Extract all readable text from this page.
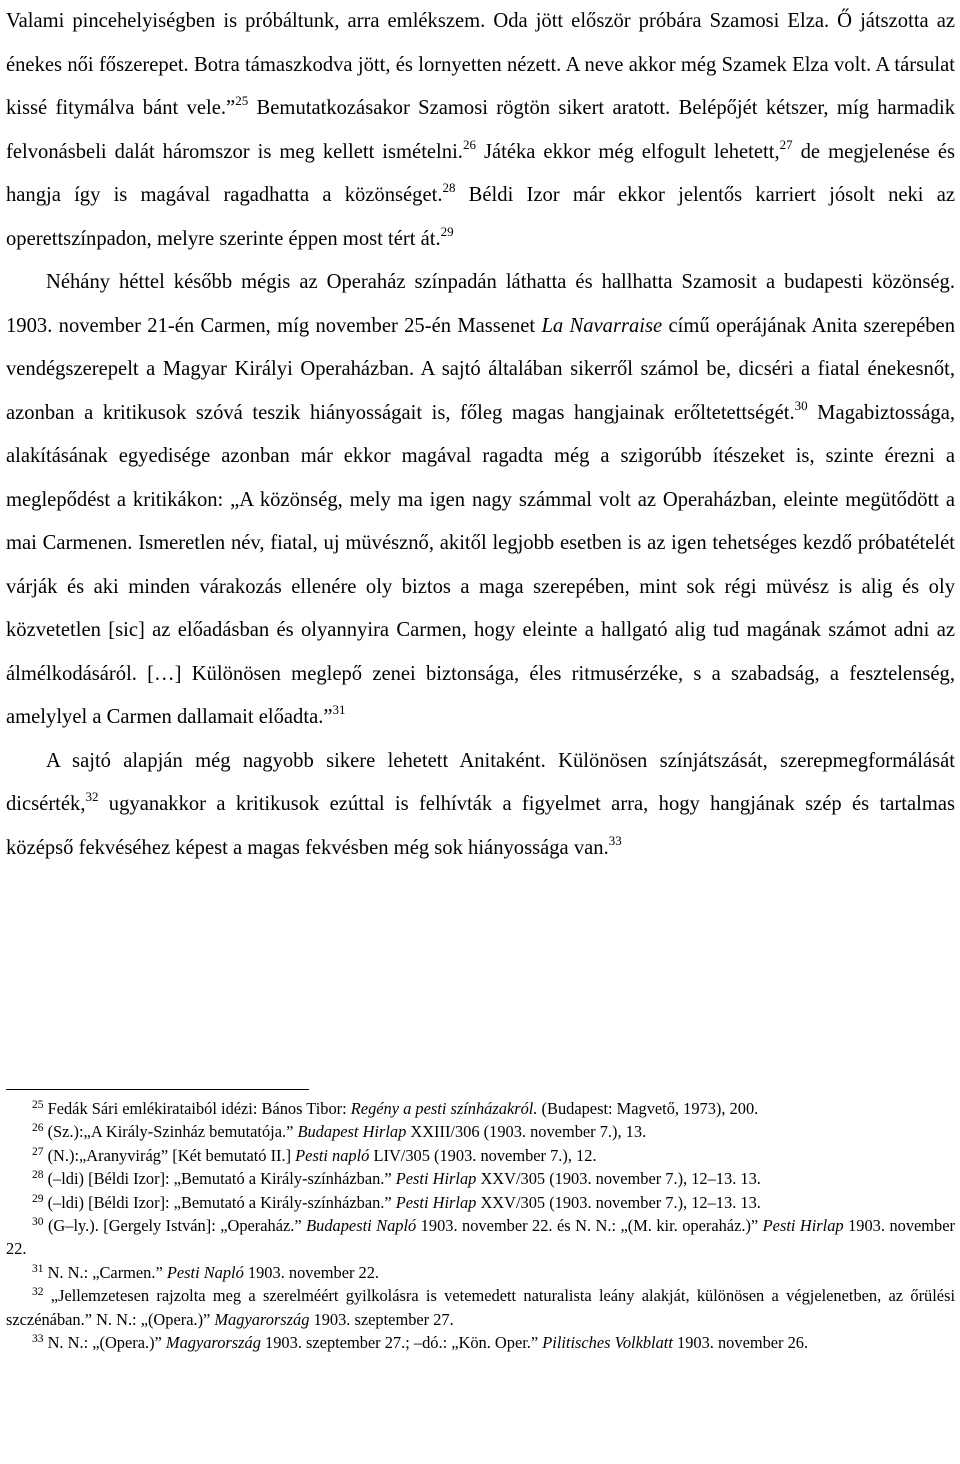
Valami pincehelyiségben is próbáltunk, arra emlékszem. Oda jött először próbára Szamosi Elza. Ő játszotta az énekes női főszerepet. Botra támaszkodva jött, és lornyetten nézett. A neve akkor még Szamek Elza volt. A társulat kissé fitymálva bánt vele.”$^{25}$ Bemutatkozásakor Szamosi rögtön sikert aratott. Belépőjét kétszer, míg harmadik felvonásbeli dalát háromszor is meg kellett ismételni.$^{26}$ Játéka ekkor még elfogult lehetett,$^{27}$ de megjelenése és hangja így is magával ragadhatta a közönséget.$^{28}$ Béldi Izor már ekkor jelentős karriert jósolt neki az operettszínpadon, melyre szerinte éppen most tért át.$^{29}$

Néhány héttel később mégis az Operaház színpadán láthatta és hallhatta Szamosit a budapesti közönség. 1903. november 21-én Carmen, míg november 25-én Massenet La Navarraise című operájának Anita szerepében vendégszerepelt a Magyar Királyi Operaházban. A sajtó általában sikerről számol be, dicséri a fiatal énekesnőt, azonban a kritikusok szóvá teszik hiányosságait is, főleg magas hangjainak erőltetettségét.$^{30}$ Magabiztossága, alakításának egyedisége azonban már ekkor magával ragadta még a szigorúbb ítészeket is, szinte érezni a meglepődést a kritikákon: „A közönség, mely ma igen nagy számmal volt az Operaházban, eleinte megütődött a mai Carmenen. Ismeretlen név, fiatal, uj müvésznő, akitől legjobb esetben is az igen tehetséges kezdő próbatételét várják és aki minden várakozás ellenére oly biztos a maga szerepében, mint sok régi müvész is alig és oly közvetetlen [sic] az előadásban és olyannyira Carmen, hogy eleinte a hallgató alig tud magának számot adni az álmélkodásáról. […] Különösen meglepő zenei biztonsága, éles ritmusérzéke, s a szabadság, a fesztelenség, amelylyel a Carmen dallamait előadta.”$^{31}$

A sajtó alapján még nagyobb sikere lehetett Anitaként. Különösen színjátszását, szerepmegformálását dicsérték,$^{32}$ ugyanakkor a kritikusok ezúttal is felhívták a figyelmet arra, hogy hangjának szép és tartalmas középső fekvéséhez képest a magas fekvésben még sok hiányossága van.$^{33}$

$^{25}$ Fedák Sári emlékirataiból idézi: Bános Tibor: Regény a pesti színházakról. (Budapest: Magvető, 1973), 200.

$^{26}$ (Sz.):„A Király-Szinház bemutatója.” Budapest Hirlap XXIII/306 (1903. november 7.), 13.

$^{27}$ (N.):„Aranyvirág” [Két bemutató II.] Pesti napló LIV/305 (1903. november 7.), 12.

$^{28}$ (–ldi) [Béldi Izor]: „Bemutató a Király-színházban.” Pesti Hirlap XXV/305 (1903. november 7.), 12–13. 13.

$^{29}$ (–ldi) [Béldi Izor]: „Bemutató a Király-színházban.” Pesti Hirlap XXV/305 (1903. november 7.), 12–13. 13.

$^{30}$ (G–ly.). [Gergely István]: „Operaház.” Budapesti Napló 1903. november 22. és N. N.: „(M. kir. operaház.)” Pesti Hirlap 1903. november 22.

$^{31}$ N. N.: „Carmen.” Pesti Napló 1903. november 22.

$^{32}$ „Jellemzetesen rajzolta meg a szerelméért gyilkolásra is vetemedett naturalista leány alakját, különösen a végjelenetben, az őrülési szczénában.” N. N.: „(Opera.)” Magyarország 1903. szeptember 27.

$^{33}$ N. N.: „(Opera.)” Magyarország 1903. szeptember 27.; –dó.: „Kön. Oper.” Pilitisches Volkblatt 1903. november 26.
